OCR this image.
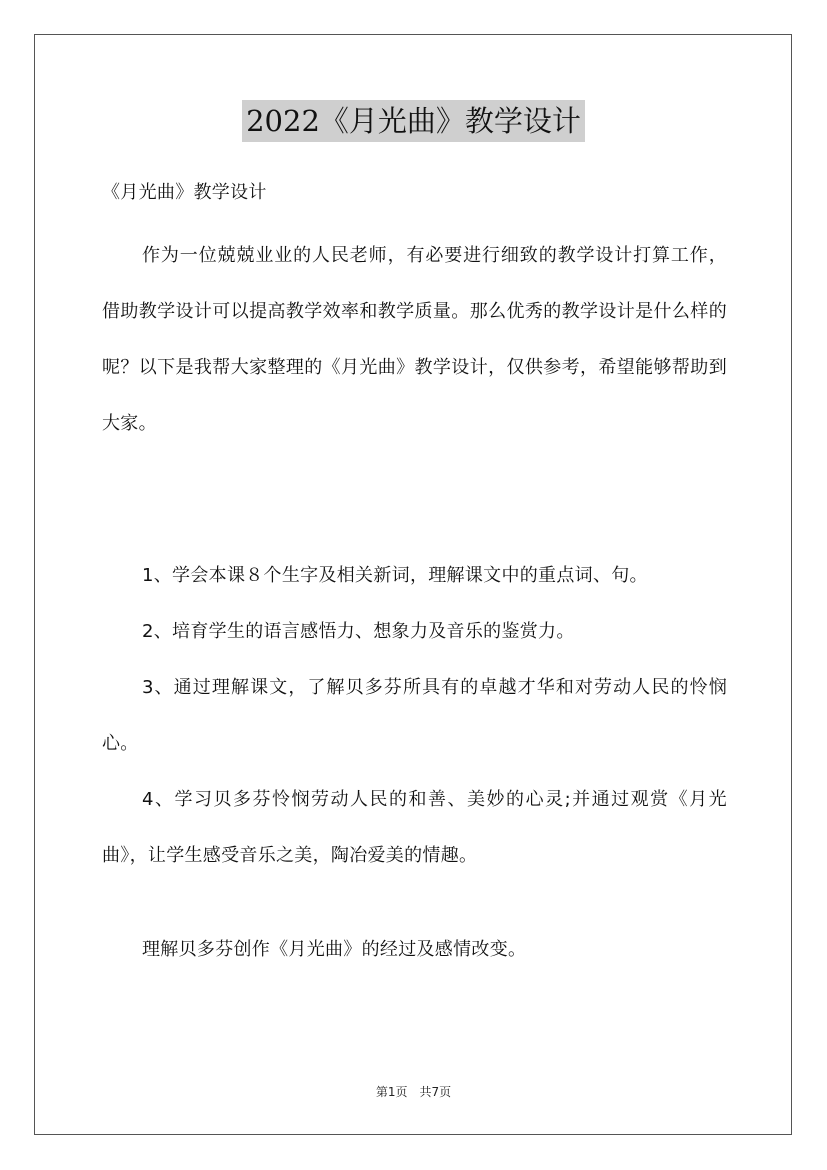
2022《月光曲》教学设计
《月光曲》教学设计
作为一位兢兢业业的人民老师，有必要进行细致的教学设计打算工作，借助教学设计可以提高教学效率和教学质量。那么优秀的教学设计是什么样的呢？以下是我帮大家整理的《月光曲》教学设计，仅供参考，希望能够帮助到大家。

1、学会本课８个生字及相关新词，理解课文中的重点词、句。

2、培育学生的语言感悟力、想象力及音乐的鉴赏力。

3、通过理解课文，了解贝多芬所具有的卓越才华和对劳动人民的怜悯心。

4、学习贝多芬怜悯劳动人民的和善、美妙的心灵;并通过观赏《月光曲》，让学生感受音乐之美，陶冶爱美的情趣。

理解贝多芬创作《月光曲》的经过及感情改变。
第1页 共7页
